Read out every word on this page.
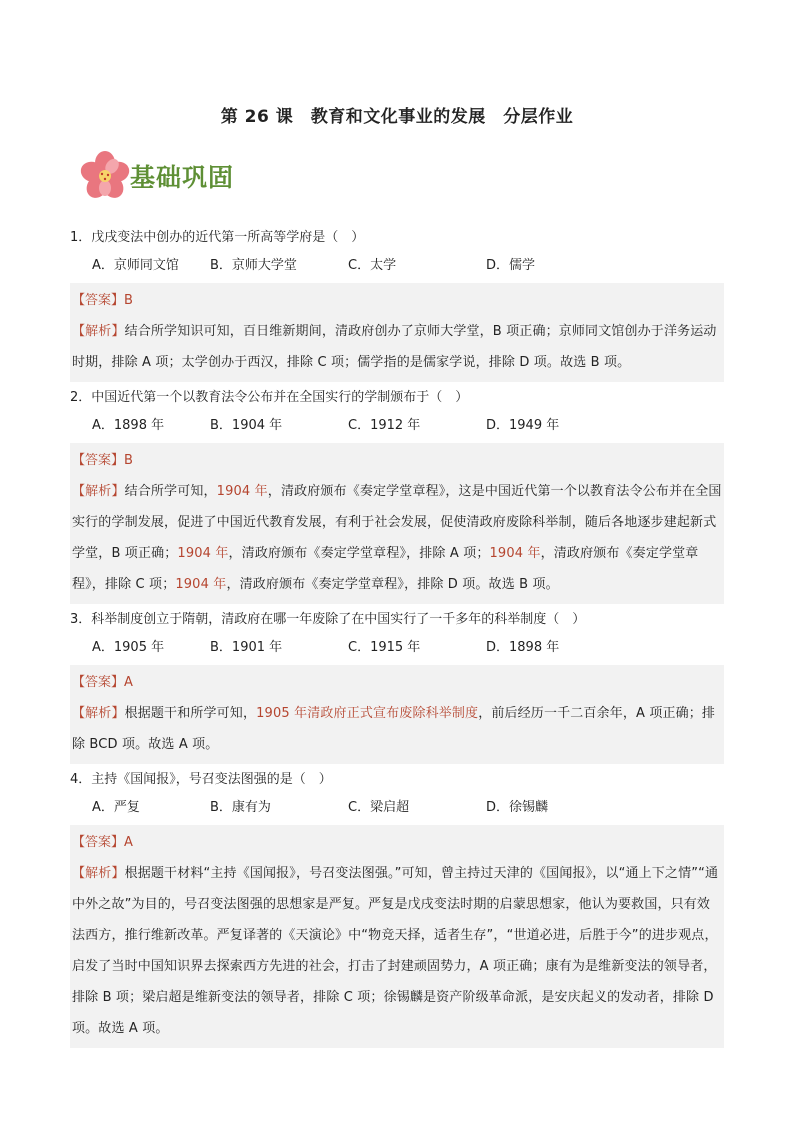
第 26 课　教育和文化事业的发展　分层作业
基础巩固
1．戊戌变法中创办的近代第一所高等学府是（　）
A．京师同文馆	B．京师大学堂	C．太学	D．儒学
【答案】B
【解析】结合所学知识可知，百日维新期间，清政府创办了京师大学堂，B 项正确；京师同文馆创办于洋务运动时期，排除 A 项；太学创办于西汉，排除 C 项；儒学指的是儒家学说，排除 D 项。故选 B 项。
2．中国近代第一个以教育法令公布并在全国实行的学制颁布于（　）
A．1898 年	B．1904 年	C．1912 年	D．1949 年
【答案】B
【解析】结合所学可知，1904 年，清政府颁布《奏定学堂章程》，这是中国近代第一个以教育法令公布并在全国实行的学制发展，促进了中国近代教育发展，有利于社会发展，促使清政府废除科举制，随后各地逐步建起新式学堂，B 项正确；1904 年，清政府颁布《奏定学堂章程》，排除 A 项；1904 年，清政府颁布《奏定学堂章程》，排除 C 项；1904 年，清政府颁布《奏定学堂章程》，排除 D 项。故选 B 项。
3．科举制度创立于隋朝，清政府在哪一年废除了在中国实行了一千多年的科举制度（　）
A．1905 年	B．1901 年	C．1915 年	D．1898 年
【答案】A
【解析】根据题干和所学可知，1905 年清政府正式宣布废除科举制度，前后经历一千二百余年，A 项正确；排除 BCD 项。故选 A 项。
4．主持《国闻报》，号召变法图强的是（　）
A．严复	B．康有为	C．梁启超	D．徐锡麟
【答案】A
【解析】根据题干材料“主持《国闻报》，号召变法图强。”可知，曾主持过天津的《国闻报》，以“通上下之情”“通中外之故”为目的，号召变法图强的思想家是严复。严复是戊戌变法时期的启蒙思想家，他认为要救国，只有效法西方，推行维新改革。严复译著的《天演论》中“物竞天择，适者生存”，“世道必进，后胜于今”的进步观点，启发了当时中国知识界去探索西方先进的社会，打击了封建顽固势力，A 项正确；康有为是维新变法的领导者，排除 B 项；梁启超是维新变法的领导者，排除 C 项；徐锡麟是资产阶级革命派，是安庆起义的发动者，排除 D 项。故选 A 项。
